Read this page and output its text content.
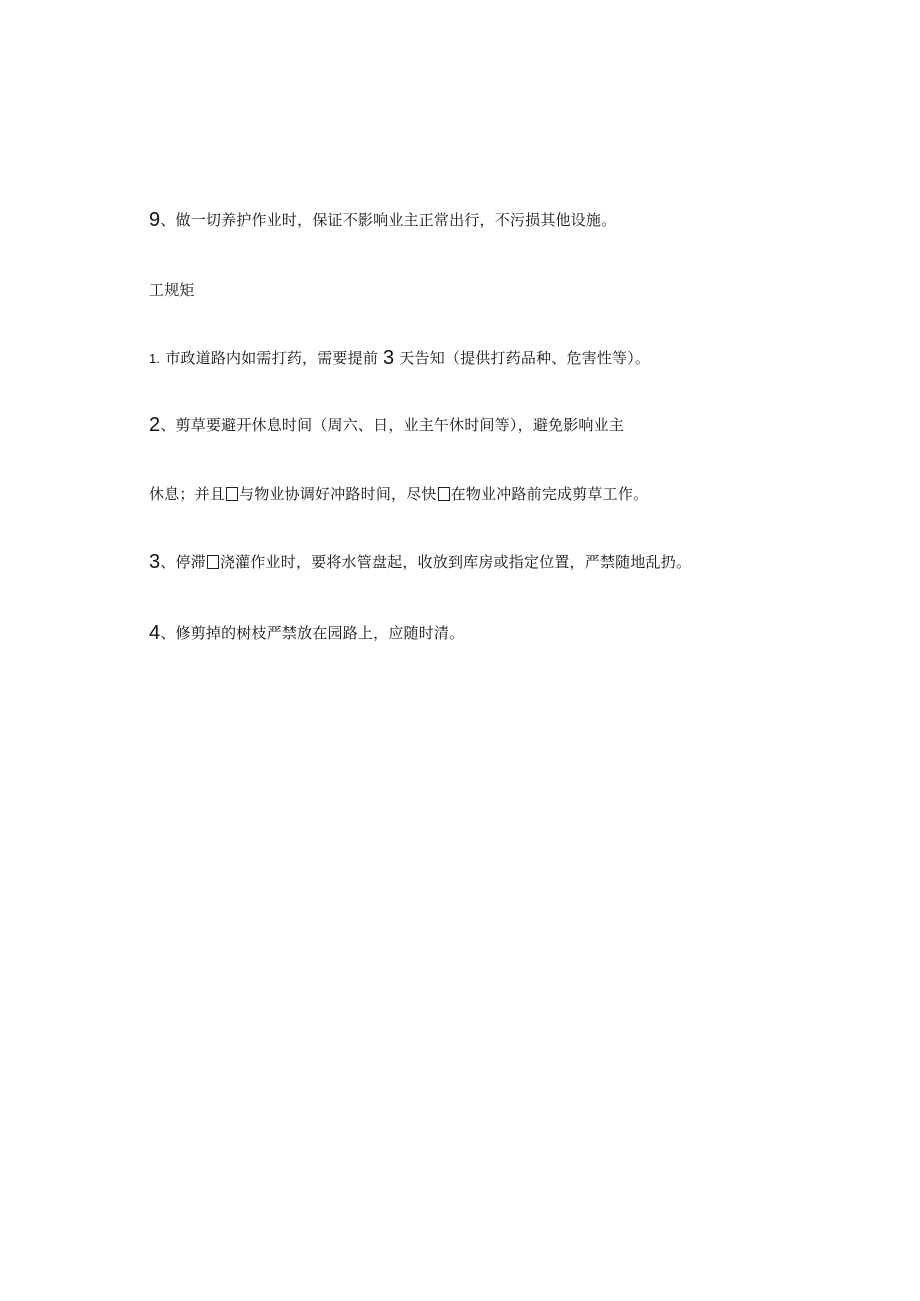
9、做一切养护作业时，保证不影响业主正常出行，不污损其他设施。
工规矩
1. 市政道路内如需打药，需要提前 3 天告知（提供打药品种、危害性等）。
2、剪草要避开休息时间（周六、日，业主午休时间等），避免影响业主
休息；并且 与物业协调好冲路时间，尽快 在物业冲路前完成剪草工作。
3、停滞 浇灌作业时，要将水管盘起，收放到库房或指定位置，严禁随地乱扔。
4、修剪掉的树枝严禁放在园路上，应随时清。
